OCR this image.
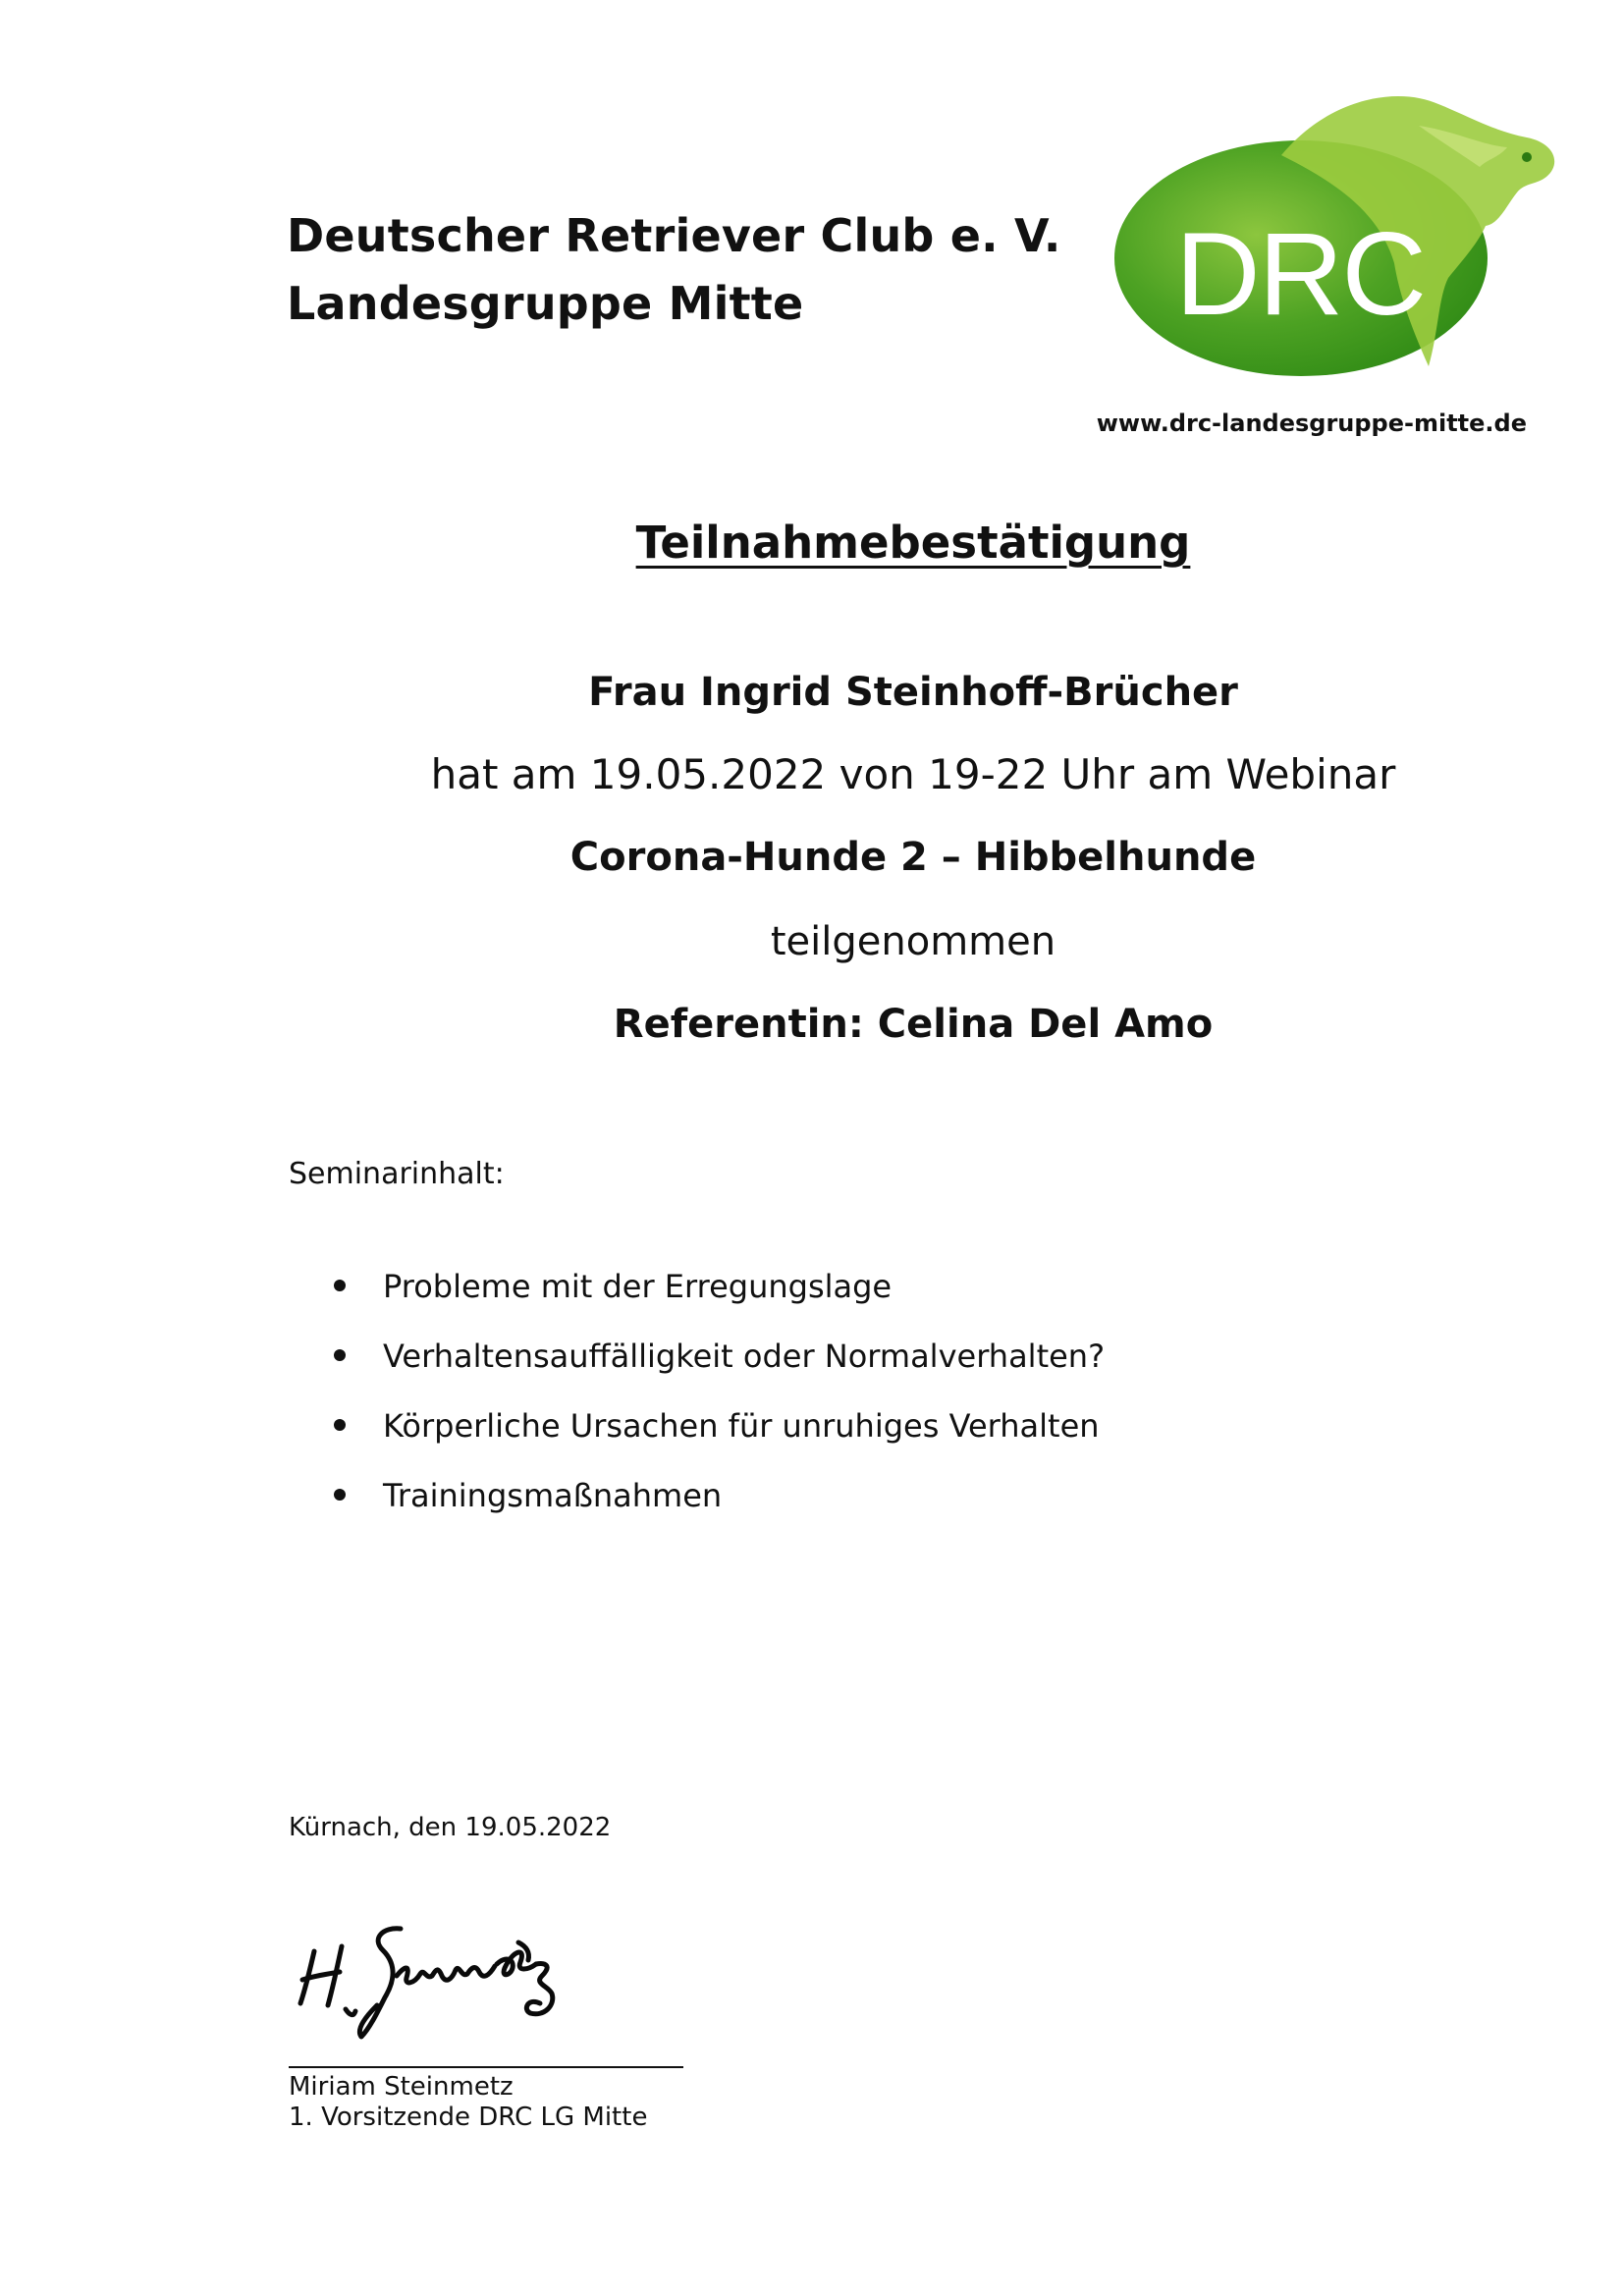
Deutscher Retriever Club e. V.
Landesgruppe Mitte	DRC
www.drc-landesgruppe-mitte.de
Teilnahmebestätigung
Frau Ingrid Steinhoff-Brücher
hat am 19.05.2022 von 19-22 Uhr am Webinar
Corona-Hunde 2 – Hibbelhunde
teilgenommen
Referentin: Celina Del Amo
Seminarinhalt:
Probleme mit der Erregungslage
Verhaltensauffälligkeit oder Normalverhalten?
Körperliche Ursachen für unruhiges Verhalten
Trainingsmaßnahmen
Kürnach, den 19.05.2022
Miriam Steinmetz
1. Vorsitzende DRC LG Mitte
